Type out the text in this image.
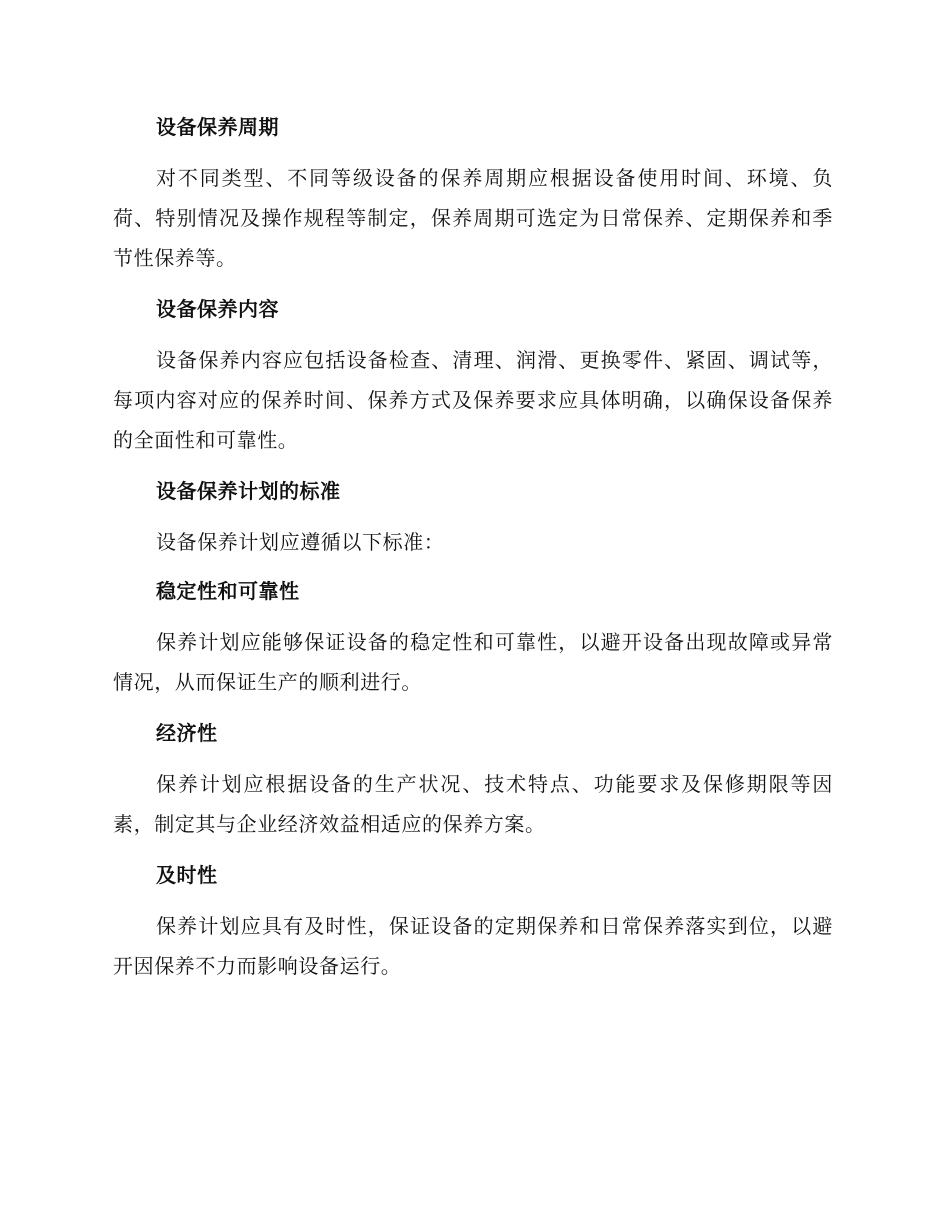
设备保养周期

对不同类型、不同等级设备的保养周期应根据设备使用时间、环境、负荷、特别情况及操作规程等制定，保养周期可选定为日常保养、定期保养和季节性保养等。

设备保养内容

设备保养内容应包括设备检查、清理、润滑、更换零件、紧固、调试等，每项内容对应的保养时间、保养方式及保养要求应具体明确，以确保设备保养的全面性和可靠性。

设备保养计划的标准

设备保养计划应遵循以下标准：

稳定性和可靠性

保养计划应能够保证设备的稳定性和可靠性，以避开设备出现故障或异常情况，从而保证生产的顺利进行。

经济性

保养计划应根据设备的生产状况、技术特点、功能要求及保修期限等因素，制定其与企业经济效益相适应的保养方案。

及时性

保养计划应具有及时性，保证设备的定期保养和日常保养落实到位，以避开因保养不力而影响设备运行。
